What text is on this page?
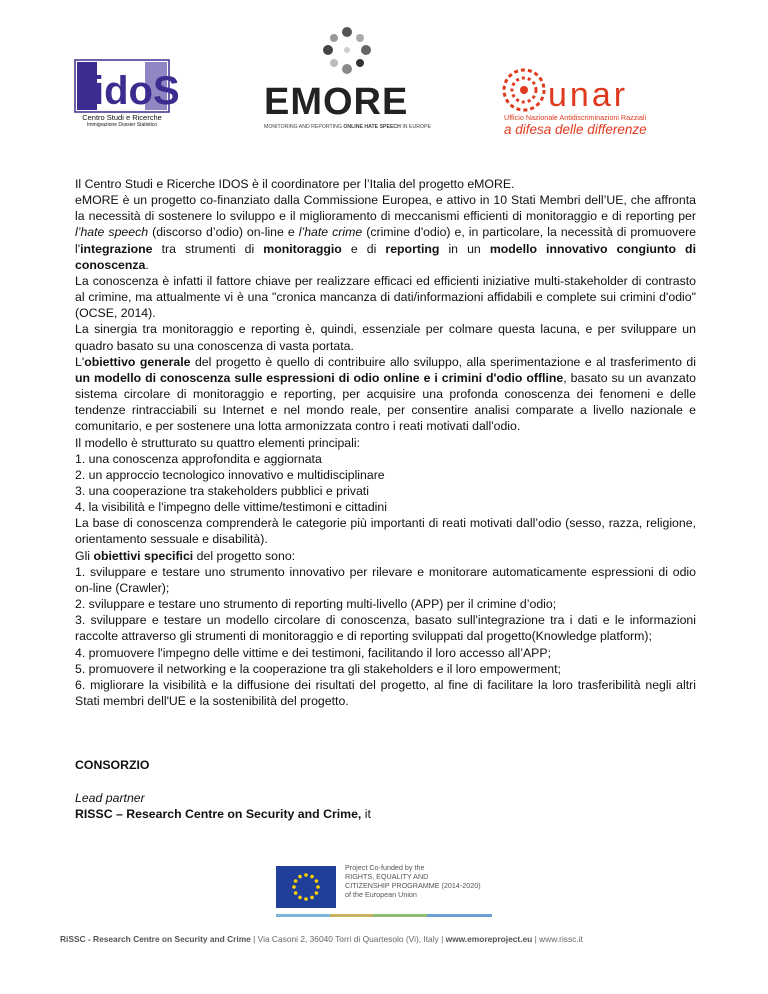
idoS
Centro Studi e Ricerche
Immigrazione Dossier Statistico
EMORE
MONITORING AND REPORTING ONLINE HATE SPEECH IN EUROPE
unar
Ufficio Nazionale Antidiscriminazioni Razziali
a difesa delle differenze

Il Centro Studi e Ricerche IDOS è il coordinatore per l’Italia del progetto eMORE.

eMORE è un progetto co-finanziato dalla Commissione Europea, e attivo in 10 Stati Membri dell’UE, che affronta la necessità di sostenere lo sviluppo e il miglioramento di meccanismi efficienti di monitoraggio e di reporting per l’hate speech (discorso d’odio) on-line e l’hate crime (crimine d'odio) e, in particolare, la necessità di promuovere l'integrazione tra strumenti di monitoraggio e di reporting in un modello innovativo congiunto di conoscenza.

La conoscenza è infatti il fattore chiave per realizzare efficaci ed efficienti iniziative multi-stakeholder di contrasto al crimine, ma attualmente vi è una "cronica mancanza di dati/informazioni affidabili e complete sui crimini d'odio" (OCSE, 2014).

La sinergia tra monitoraggio e reporting è, quindi, essenziale per colmare questa lacuna, e per sviluppare un quadro basato su una conoscenza di vasta portata.

L'obiettivo generale del progetto è quello di contribuire allo sviluppo, alla sperimentazione e al trasferimento di un modello di conoscenza sulle espressioni di odio online e i crimini d'odio offline, basato su un avanzato sistema circolare di monitoraggio e reporting, per acquisire una profonda conoscenza dei fenomeni e delle tendenze rintracciabili su Internet e nel mondo reale, per consentire analisi comparate a livello nazionale e comunitario, e per sostenere una lotta armonizzata contro i reati motivati dall'odio.

Il modello è strutturato su quattro elementi principali:

1. una conoscenza approfondita e aggiornata

2. un approccio tecnologico innovativo e multidisciplinare

3. una cooperazione tra stakeholders pubblici e privati

4. la visibilità e l'impegno delle vittime/testimoni e cittadini

La base di conoscenza comprenderà le categorie più importanti di reati motivati dall’odio (sesso, razza, religione, orientamento sessuale e disabilità).

Gli obiettivi specifici del progetto sono:

1. sviluppare e testare uno strumento innovativo per rilevare e monitorare automaticamente espressioni di odio on-line (Crawler);

2. sviluppare e testare uno strumento di reporting multi-livello (APP) per il crimine d’odio;

3. sviluppare e testare un modello circolare di conoscenza, basato sull'integrazione tra i dati e le informazioni raccolte attraverso gli strumenti di monitoraggio e di reporting sviluppati dal progetto(Knowledge platform);

4. promuovere l'impegno delle vittime e dei testimoni, facilitando il loro accesso all’APP;

5. promuovere il networking e la cooperazione tra gli stakeholders e il loro empowerment;

6. migliorare la visibilità e la diffusione dei risultati del progetto, al fine di facilitare la loro trasferibilità negli altri Stati membri dell'UE e la sostenibilità del progetto.

CONSORZIO

Lead partner

RISSC – Research Centre on Security and Crime, it

Project Co-funded by the
RIGHTS, EQUALITY AND
CITIZENSHIP PROGRAMME (2014-2020)
of the European Union
RiSSC - Research Centre on Security and Crime | Via Casoni 2, 36040 Torri di Quartesolo (Vi), Italy | www.emoreproject.eu | www.rissc.it
